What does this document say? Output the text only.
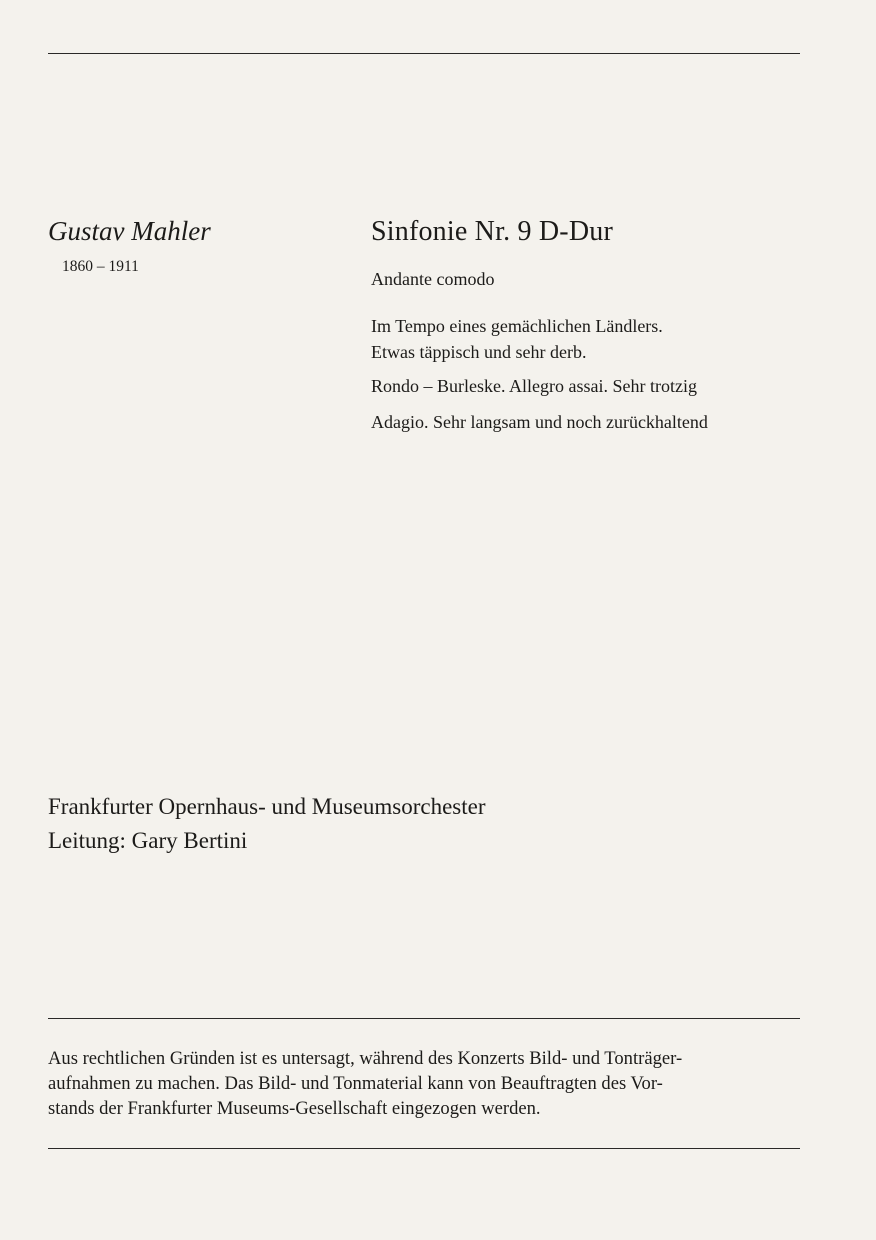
Gustav Mahler
1860 – 1911
Sinfonie Nr. 9 D-Dur
Andante comodo
Im Tempo eines gemächlichen Ländlers.
Etwas täppisch und sehr derb.
Rondo – Burleske. Allegro assai. Sehr trotzig
Adagio. Sehr langsam und noch zurückhaltend
Frankfurter Opernhaus- und Museumsorchester
Leitung: Gary Bertini
Aus rechtlichen Gründen ist es untersagt, während des Konzerts Bild- und Tonträger-
aufnahmen zu machen. Das Bild- und Tonmaterial kann von Beauftragten des Vor-
stands der Frankfurter Museums-Gesellschaft eingezogen werden.
